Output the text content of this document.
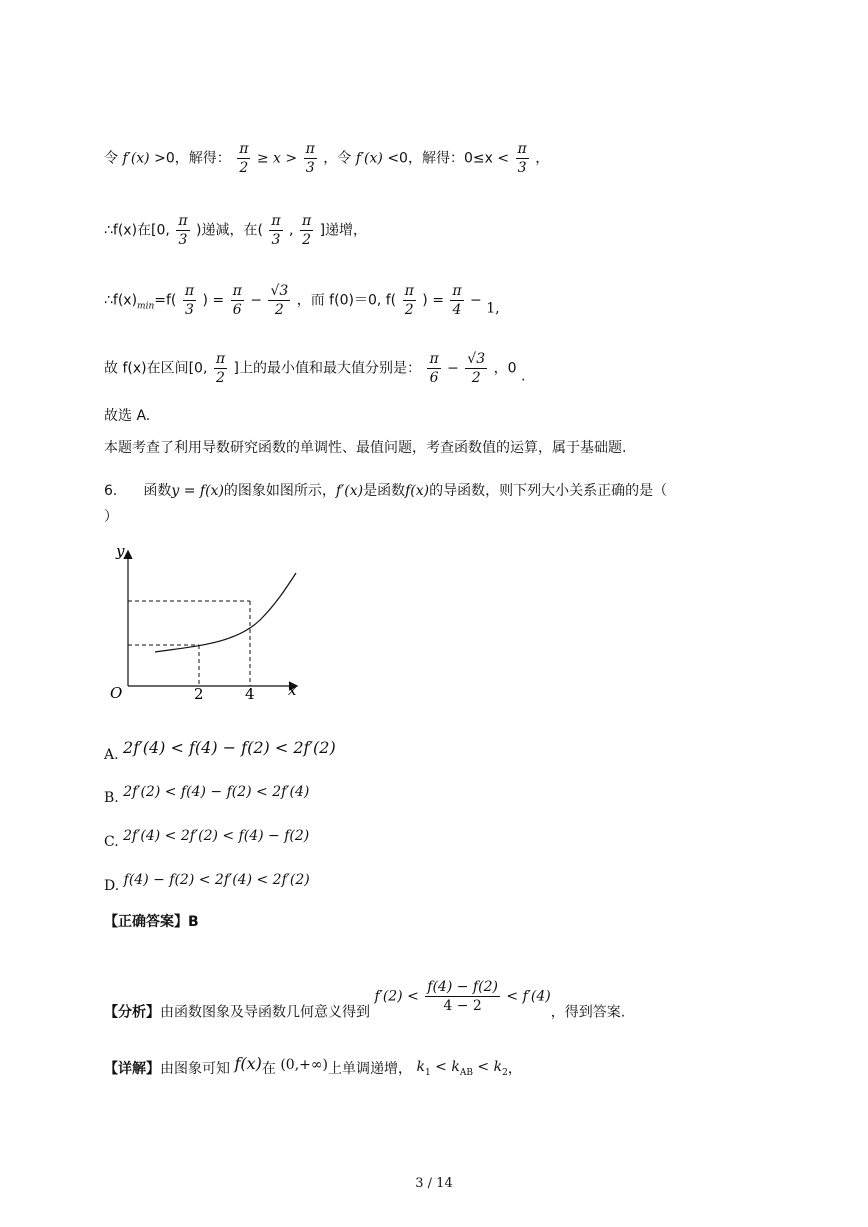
令 f′(x) >0，解得： $\frac{\pi}{2} \ge x > \frac{\pi}{3}$ ，令 f′(x) <0，解得：$0\le x < \frac{\pi}{3}$ ，
∴f(x)在[0, $\frac{\pi}{3}$ )递减，在( $\frac{\pi}{3}$ , $\frac{\pi}{2}$ ]递增，
$\therefore f(x)_{min}=f( \frac{\pi}{3}$ ) = $\frac{\pi}{6} - \frac{√3}{2}$ ，而 f(0)＝0, $f( \frac{\pi}{2}$ ) = $\frac{\pi}{4} - 1$,
故 f(x)在区间[0, $\frac{\pi}{2}$ ]上的最小值和最大值分别是： $\frac{\pi}{6} - \frac{√3}{2}$ ，0 .
故选 A.
本题考查了利用导数研究函数的单调性、最值问题，考查函数值的运算，属于基础题.
6. 函数y = f(x)的图象如图所示，f′(x)是函数f(x)的导函数，则下列大小关系正确的是（
）
y
x
O	2	4
A. 2f′(4) < f(4) − f(2) < 2f′(2)
B. 2f′(2) < f(4) − f(2) < 2f′(4)
C. 2f′(4) < 2f′(2) < f(4) − f(2)
D. f(4) − f(2) < 2f′(4) < 2f′(2)
【正确答案】B
【分析】由函数图象及导函数几何意义得到 $f'(2) < \frac{f(4) - f(2)}{4 - 2} < f'(4)$，得到答案.
【详解】由图象可知 f(x)在 (0,+∞)上单调递增， $k_1 < k_{AB} < k_2$，
3 / 14
